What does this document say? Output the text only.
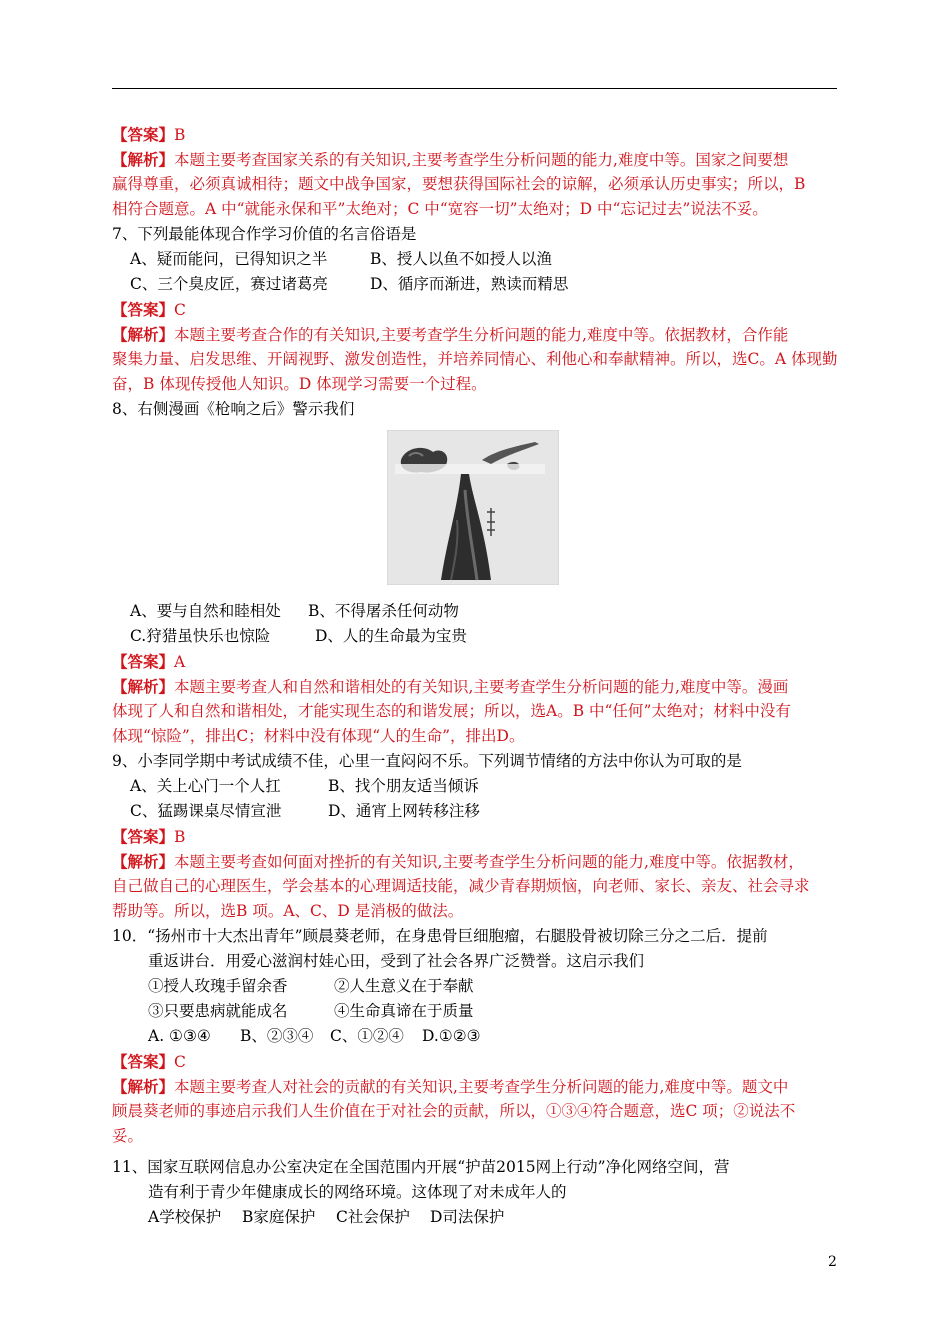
【答案】B
【解析】本题主要考查国家关系的有关知识,主要考查学生分析问题的能力,难度中等。国家之间要想
赢得尊重，必须真诚相待；题文中战争国家，要想获得国际社会的谅解，必须承认历史事实；所以，B
相符合题意。A 中“就能永保和平”太绝对；C 中“宽容一切”太绝对；D 中“忘记过去”说法不妥。
7、下列最能体现合作学习价值的名言俗语是
A、疑而能问，已得知识之半	B、授人以鱼不如授人以渔
C、三个臭皮匠，赛过诸葛亮	D、循序而渐进，熟读而精思
【答案】C
【解析】本题主要考查合作的有关知识,主要考查学生分析问题的能力,难度中等。依据教材，合作能
聚集力量、启发思维、开阔视野、激发创造性，并培养同情心、利他心和奉献精神。所以，选C。A 体现勤
奋，B 体现传授他人知识。D 体现学习需要一个过程。
8、右侧漫画《枪响之后》警示我们
A、要与自然和睦相处 B、不得屠杀任何动物
C.狩猎虽快乐也惊险	D、人的生命最为宝贵
【答案】A
【解析】本题主要考查人和自然和谐相处的有关知识,主要考查学生分析问题的能力,难度中等。漫画
体现了人和自然和谐相处，才能实现生态的和谐发展；所以，选A。B 中“任何”太绝对；材料中没有
体现“惊险”，排出C；材料中没有体现“人的生命”，排出D。
9、小李同学期中考试成绩不佳，心里一直闷闷不乐。下列调节情绪的方法中你认为可取的是
A、关上心门一个人扛	B、找个朋友适当倾诉
C、猛踢课桌尽情宣泄	D、通宵上网转移注移
【答案】B
【解析】本题主要考查如何面对挫折的有关知识,主要考查学生分析问题的能力,难度中等。依据教材，
自己做自己的心理医生，学会基本的心理调适技能，减少青春期烦恼，向老师、家长、亲友、社会寻求
帮助等。所以，选B 项。A、C、D 是消极的做法。
10．“扬州市十大杰出青年”顾晨葵老师，在身患骨巨细胞瘤，右腿股骨被切除三分之二后．提前
重返讲台．用爱心滋润村娃心田，受到了社会各界广泛赞誉。这启示我们
①授人玫瑰手留余香	②人生意义在于奉献
③只要患病就能成名	④生命真谛在于质量
A. ①③④ B、②③④ C、①②④ D.①②③
【答案】C
【解析】本题主要考查人对社会的贡献的有关知识,主要考查学生分析问题的能力,难度中等。题文中
顾晨葵老师的事迹启示我们人生价值在于对社会的贡献，所以，①③④符合题意，选C 项；②说法不
妥。
11、国家互联网信息办公室决定在全国范围内开展“护苗2015网上行动”净化网络空间，营
造有利于青少年健康成长的网络环境。这体现了对未成年人的
A学校保护 B家庭保护 C社会保护 D司法保护
2
